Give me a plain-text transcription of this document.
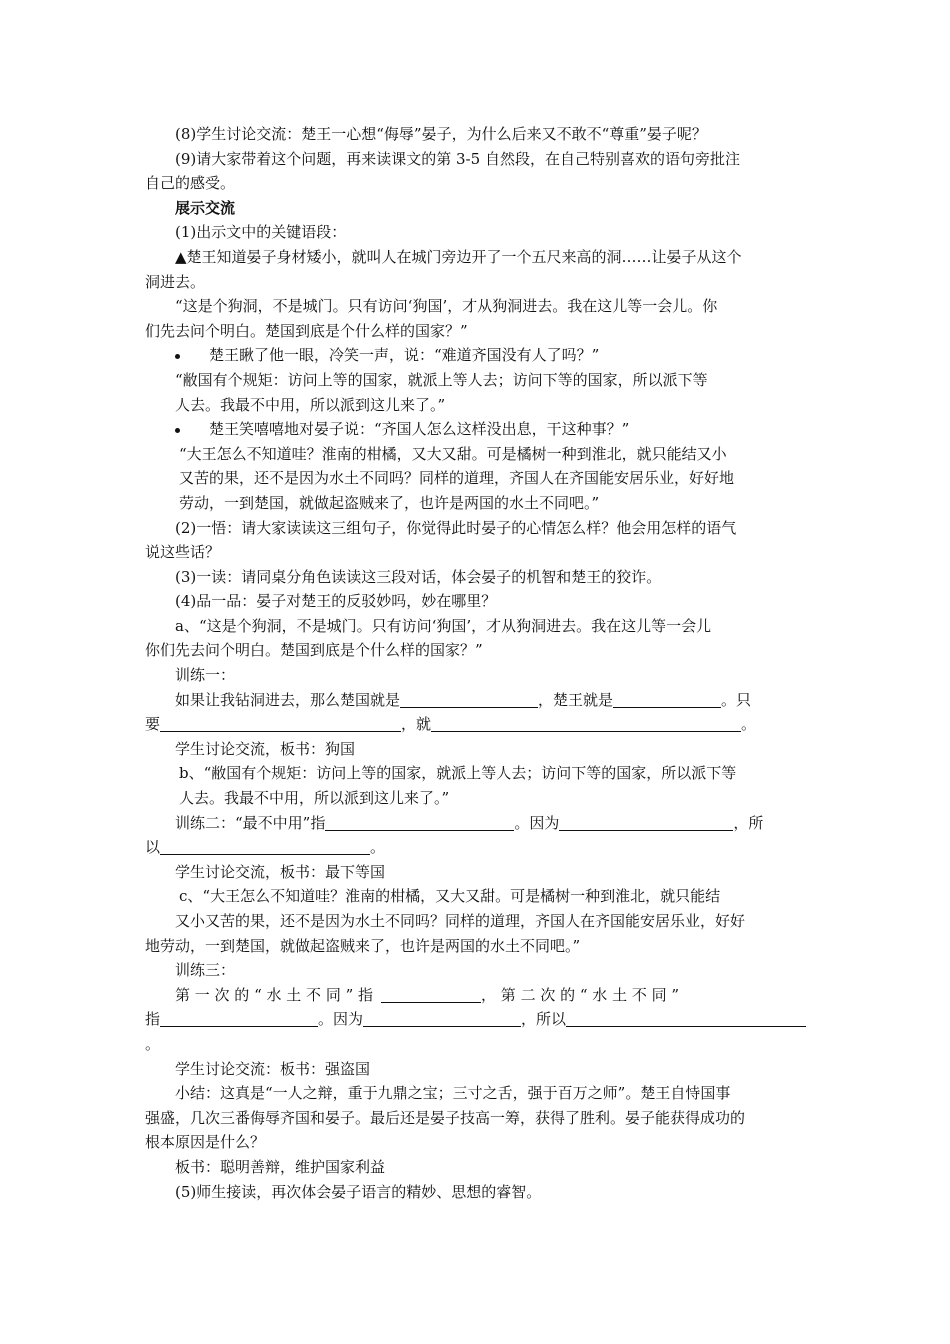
(8)学生讨论交流：楚王一心想“侮辱”晏子，为什么后来又不敢不“尊重”晏子呢？
(9)请大家带着这个问题，再来读课文的第 3-5 自然段，在自己特别喜欢的语句旁批注
自己的感受。
展示交流
(1)出示文中的关键语段：
▲楚王知道晏子身材矮小，就叫人在城门旁边开了一个五尺来高的洞……让晏子从这个
洞进去。
“这是个狗洞，不是城门。只有访问‘狗国’，才从狗洞进去。我在这儿等一会儿。你
们先去问个明白。楚国到底是个什么样的国家？”
楚王瞅了他一眼，冷笑一声，说：“难道齐国没有人了吗？”
“敝国有个规矩：访问上等的国家，就派上等人去；访问下等的国家，所以派下等
人去。我最不中用，所以派到这儿来了。”
楚王笑嘻嘻地对晏子说：“齐国人怎么这样没出息，干这种事？”
“大王怎么不知道哇？淮南的柑橘，又大又甜。可是橘树一种到淮北，就只能结又小
又苦的果，还不是因为水土不同吗？同样的道理，齐国人在齐国能安居乐业，好好地
劳动，一到楚国，就做起盗贼来了，也许是两国的水土不同吧。”
(2)一悟：请大家读读这三组句子，你觉得此时晏子的心情怎么样？他会用怎样的语气
说这些话？
(3)一读：请同桌分角色读读这三段对话，体会晏子的机智和楚王的狡诈。
(4)品一品：晏子对楚王的反驳妙吗，妙在哪里？
a、“这是个狗洞，不是城门。只有访问‘狗国’，才从狗洞进去。我在这儿等一会儿
你们先去问个明白。楚国到底是个什么样的国家？”
训练一：
如果让我钻洞进去，那么楚国就是	，楚王就是	。只
要	，就	。
学生讨论交流，板书：狗国
b、“敝国有个规矩：访问上等的国家，就派上等人去；访问下等的国家，所以派下等
人去。我最不中用，所以派到这儿来了。”
训练二：“最不中用”指	。因为	，所
以	。
学生讨论交流，板书：最下等国
c、“大王怎么不知道哇？淮南的柑橘，又大又甜。可是橘树一种到淮北，就只能结
又小又苦的果，还不是因为水土不同吗？同样的道理，齐国人在齐国能安居乐业，好好
地劳动，一到楚国，就做起盗贼来了，也许是两国的水土不同吧。”
训练三：
第 一 次 的 “ 水 土 不 同 ” 指	， 第 二 次 的 “ 水 土 不 同 ”
指	。因为	，所以
。
学生讨论交流：板书：强盗国
小结：这真是“一人之辩，重于九鼎之宝；三寸之舌，强于百万之师”。楚王自恃国事
强盛，几次三番侮辱齐国和晏子。最后还是晏子技高一筹，获得了胜利。晏子能获得成功的
根本原因是什么？
板书：聪明善辩，维护国家利益
(5)师生接读，再次体会晏子语言的精妙、思想的睿智。
